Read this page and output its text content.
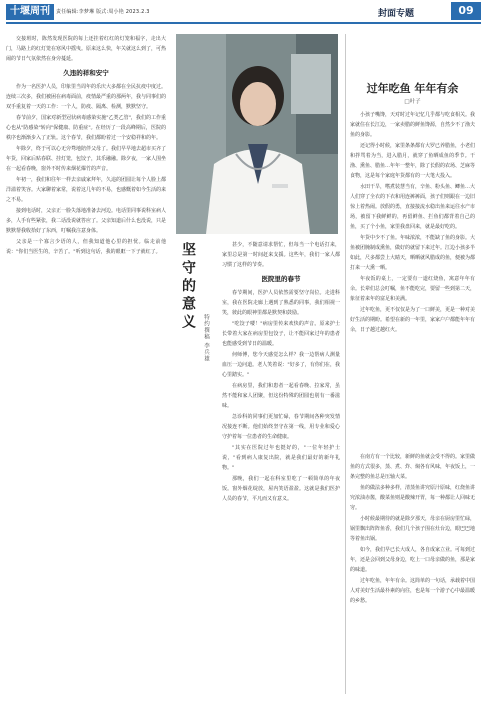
十堰周刊	责任编辑:李梦琳 版式:周小艳 2023.2.3	封面专题	09

交接班时，陈然发现医院的每上还挂着红红的灯笼和福字，走出大门，马路上的红灯笼在寒风中摇曳。原来这么快，年关就这么到了，可热闹的节日气氛依然在身旁蔓延。

久违的祥和安宁

作为一名医护人员，印象里当周年的乐庆大多都在全民抗疫中度过。连续三次多，我们被困在病毒面前，疫情最严重的那两年，我与同事们的双手重复着一天的工作：一个人，防疫、隔离、检测，默默坚守。

春节前夕，国家对新型冠状病毒感染实施"乙类乙管"，我们的工作重心也从"防感染"转向"保健康、防重症"。在经历了一段高峰期后，医院的秩序也渐渐步入了正轨。这个春节，我们都盼着过一个安稳祥和的年。

年除夕，终于可以心无旁骛地陪伴父母了。我们早早地去超市买齐了年货，回家后贴春联、挂灯笼，包饺子，其乐融融。除夕夜，一家人围坐在一起看春晚，窗外不时传来烟花爆竹的声音。

年初一，我们和往年一样去亲戚家拜年，久违的团圆让每个人脸上都洋溢着笑容。大家聊着家常，说着这几年的不易，也感慨着如今生活的来之不易。

接到电话时，父亲正一脸失落地准备去河边。电话里同事说科室病人多，人手有些紧张，我二话没说就答应了。父亲知道后什么也没说，只是默默帮我收拾好了东西，叮嘱我注意身体。

父亲是一个寡言少语的人，但我知道他心里的担忧。临走前他说："你们当医生的，辛苦了。"听到这句话，我的眼眶一下子就红了。	坚守的意义
特约撰稿 李兵雄

甚少，不随意请求帮忙，但每当一个电话打来，家里总是第一时间赶来支援。这些年，我们一家人都习惯了这样的节奏。

医院里的春节

春节期间，医护人员依然需要坚守岗位。走进科室，我在医院走廊上遇到了熟悉的同事，我们相视一笑，彼此的眼神里都是默契和鼓励。

"吃饺子喽！"病房里传来欢快的声音。原来护士长带着大家在病房里包饺子，让不能回家过年的患者也能感受到节日的温暖。

何师傅，您今天感觉怎么样？我一边帮病人测量血压一边问道。老人笑着说："好多了，有你们在，我心里踏实。"

在病房里，我们和患者一起看春晚、拉家常，虽然不能和家人团聚，但这份特殊的团圆也别有一番滋味。

急诊科的同事们更加忙碌，春节期间各种突发情况接连不断。他们始终坚守在第一线，用专业和爱心守护着每一位患者的生命健康。

"其实在医院过年也挺好的，"一位年轻护士说，"看到病人康复出院，就是我们最好的新年礼物。"

那晚，我们一起在科室里吃了一顿简单的年夜饭。窗外烟花绽放，屋内笑语盈盈。这就是我们医护人员的春节，平凡而又有意义。

过年吃鱼 年年有余
□叶子

小孩子嘴馋，天对时过年记忆几乎都与吃食相关。我家就住在长江边，一家卖腊的鲜鱼馋源，自然少不了渔夫鱼的身影。

还记得小时候，家里条条都有大罗已养腊鱼，小老们和拌骂着为当，进入腊月，就穿了鱼晒成鱼的季节。干渔、熏鱼、腊鱼…年年一整年，除了长假的农场、芝麻等食物，这是每个家庭年货都有的一大笔大投入。

水田干旱，嗜煮装慧当有，辛鱼、粉头鱼、鲫鱼…大人们穿了全衣的下衣和用连裤裤面，孩子们则跟在一边旧惊上着热闹。放假的勇，直接接流水稳出鱼来运往水产市场，被留下我鲜鲜的，再留鲜鱼、拦鱼们都背着自己的鱼，买了个小鱼，家里我盘回来，就是最好吃的。

年货中少不了鱼。年味浓浓，不能缺了鱼的身影。大鱼被团腌制成熏鱼，做好的就留下来过年。江边小孩多半如此，尺多都尝上大睛天，晒晒就风腊成的鱼，便被为都打来一大熏一晒。

年夜饭的桌上，一定要有一道红烧鱼，寓意年年有余。长辈们总会叮嘱，鱼不能吃完，要留一些到第二天，象征着来年的富足和美满。

过年吃鱼，更不仅仅是为了一口鲜美，更是一种对美好生活的期盼。希望在新的一年里，家家户户都能年年有余，日子越过越红火。

在南方有一个比较，新鲜的鱼就会受不得的。家里做鱼的方式很多，蒸、煮、炸、焖各有风味，年夜饭上，一条完整的鱼总是压轴大菜。

鱼的做法多种多样，清蒸鱼讲究原汁原味，红烧鱼讲究浓油赤酱，酸菜鱼则是酸辣开胃，每一种都让人回味无穷。

小时候最期待的就是除夕那天，母亲在厨房里忙碌，锅里飘出阵阵鱼香，我们几个孩子围在灶台边，眼巴巴地等着鱼出锅。

如今，我们早已长大成人，各自成家立业。可每到过年，还是会回到父母身边，吃上一口母亲做的鱼，那是家的味道。

过年吃鱼，年年有余。这简单的一句话，承载着中国人对美好生活最朴素的向往，也是每一个游子心中最温暖的乡愁。
